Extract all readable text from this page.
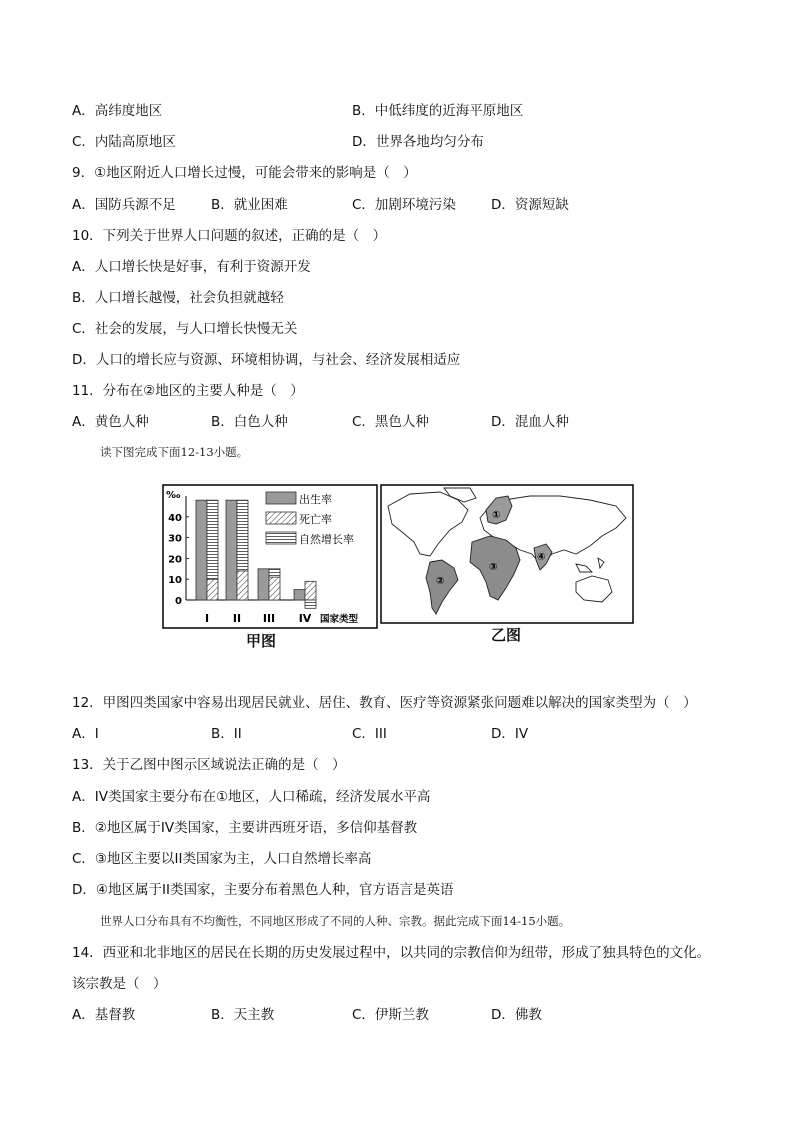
A．高纬度地区	B．中低纬度的近海平原地区
C．内陆高原地区	D．世界各地均匀分布
9．①地区附近人口增长过慢，可能会带来的影响是（　）
A．国防兵源不足	B．就业困难	C．加剧环境污染	D．资源短缺
10．下列关于世界人口问题的叙述，正确的是（　）
A．人口增长快是好事，有利于资源开发
B．人口增长越慢，社会负担就越轻
C．社会的发展，与人口增长快慢无关
D．人口的增长应与资源、环境相协调，与社会、经济发展相适应
11．分布在②地区的主要人种是（　）
A．黄色人种	B．白色人种	C．黑色人种	D．混血人种
读下图完成下面12-13小题。
‰
0
10
20
30
40
I II III IV 国家类型
出生率
死亡率
自然增长率
甲图
①
②
③
④
乙图
12．甲图四类国家中容易出现居民就业、居住、教育、医疗等资源紧张问题难以解决的国家类型为（　）
A．I	B．II	C．III	D．IV
13．关于乙图中图示区域说法正确的是（　）
A．IV类国家主要分布在①地区，人口稀疏，经济发展水平高
B．②地区属于IV类国家，主要讲西班牙语，多信仰基督教
C．③地区主要以II类国家为主，人口自然增长率高
D．④地区属于II类国家，主要分布着黑色人种，官方语言是英语
世界人口分布具有不均衡性，不同地区形成了不同的人种、宗教。据此完成下面14-15小题。
14．西亚和北非地区的居民在长期的历史发展过程中，以共同的宗教信仰为纽带，形成了独具特色的文化。
该宗教是（　）
A．基督教	B．天主教	C．伊斯兰教	D．佛教
